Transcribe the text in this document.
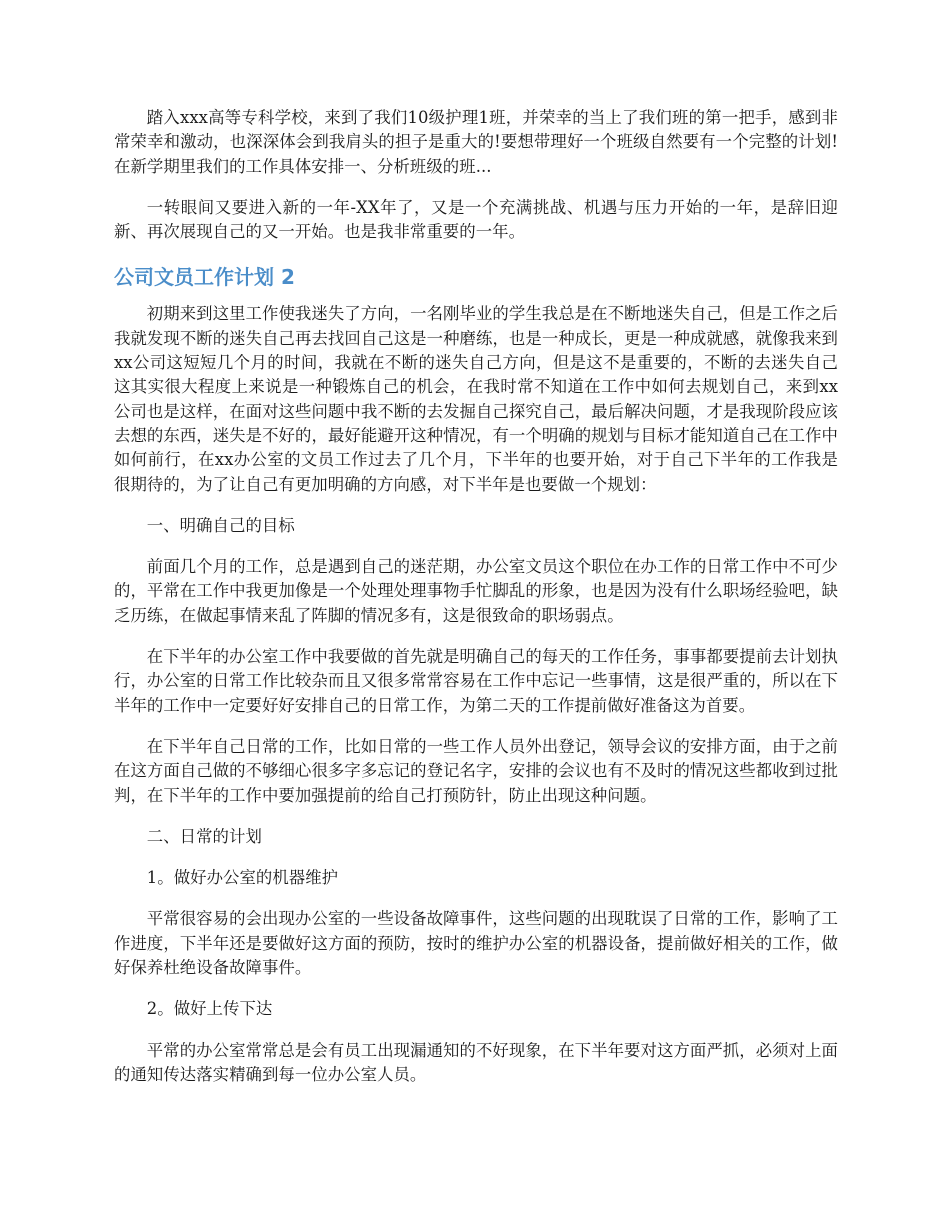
踏入xxx高等专科学校，来到了我们10级护理1班，并荣幸的当上了我们班的第一把手，感到非常荣幸和激动，也深深体会到我肩头的担子是重大的!要想带理好一个班级自然要有一个完整的计划!在新学期里我们的工作具体安排一、分析班级的班...

一转眼间又要进入新的一年-XX年了，又是一个充满挑战、机遇与压力开始的一年，是辞旧迎新、再次展现自己的又一开始。也是我非常重要的一年。

公司文员工作计划 2

初期来到这里工作使我迷失了方向，一名刚毕业的学生我总是在不断地迷失自己，但是工作之后我就发现不断的迷失自己再去找回自己这是一种磨练，也是一种成长，更是一种成就感，就像我来到xx公司这短短几个月的时间，我就在不断的迷失自己方向，但是这不是重要的，不断的去迷失自己这其实很大程度上来说是一种锻炼自己的机会，在我时常不知道在工作中如何去规划自己，来到xx公司也是这样，在面对这些问题中我不断的去发掘自己探究自己，最后解决问题，才是我现阶段应该去想的东西，迷失是不好的，最好能避开这种情况，有一个明确的规划与目标才能知道自己在工作中如何前行，在xx办公室的文员工作过去了几个月，下半年的也要开始，对于自己下半年的工作我是很期待的，为了让自己有更加明确的方向感，对下半年是也要做一个规划：

一、明确自己的目标

前面几个月的工作，总是遇到自己的迷茫期，办公室文员这个职位在办工作的日常工作中不可少的，平常在工作中我更加像是一个处理处理事物手忙脚乱的形象，也是因为没有什么职场经验吧，缺乏历练，在做起事情来乱了阵脚的情况多有，这是很致命的职场弱点。

在下半年的办公室工作中我要做的首先就是明确自己的每天的工作任务，事事都要提前去计划执行，办公室的日常工作比较杂而且又很多常常容易在工作中忘记一些事情，这是很严重的，所以在下半年的工作中一定要好好安排自己的日常工作，为第二天的工作提前做好准备这为首要。

在下半年自己日常的工作，比如日常的一些工作人员外出登记，领导会议的安排方面，由于之前在这方面自己做的不够细心很多字多忘记的登记名字，安排的会议也有不及时的情况这些都收到过批判，在下半年的工作中要加强提前的给自己打预防针，防止出现这种问题。

二、日常的计划

1。做好办公室的机器维护

平常很容易的会出现办公室的一些设备故障事件，这些问题的出现耽误了日常的工作，影响了工作进度，下半年还是要做好这方面的预防，按时的维护办公室的机器设备，提前做好相关的工作，做好保养杜绝设备故障事件。

2。做好上传下达

平常的办公室常常总是会有员工出现漏通知的不好现象，在下半年要对这方面严抓，必须对上面的通知传达落实精确到每一位办公室人员。
